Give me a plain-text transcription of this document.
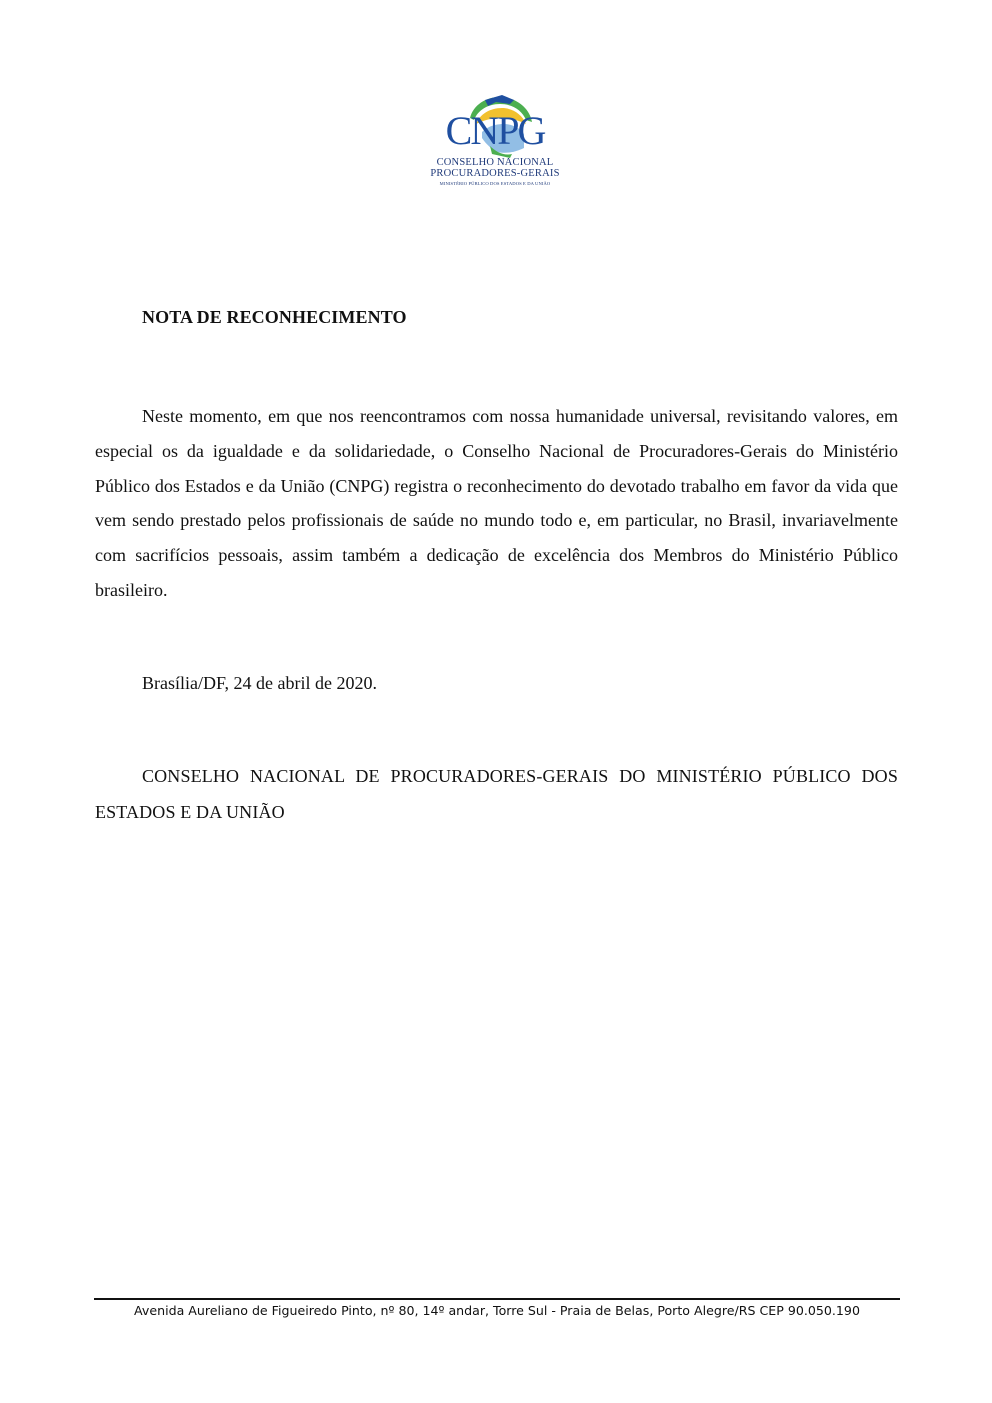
CNPG
CONSELHO NACIONAL
PROCURADORES-GERAIS
MINISTÉRIO PÚBLICO DOS ESTADOS E DA UNIÃO
NOTA DE RECONHECIMENTO

Neste momento, em que nos reencontramos com nossa humanidade universal, revisitando valores, em especial os da igualdade e da solidariedade, o Conselho Nacional de Procuradores-Gerais do Ministério Público dos Estados e da União (CNPG) registra o reconhecimento do devotado trabalho em favor da vida que vem sendo prestado pelos profissionais de saúde no mundo todo e, em particular, no Brasil, invariavelmente com sacrifícios pessoais, assim também a dedicação de excelência dos Membros do Ministério Público brasileiro.

Brasília/DF, 24 de abril de 2020.

CONSELHO NACIONAL DE PROCURADORES-GERAIS DO MINISTÉRIO PÚBLICO DOS ESTADOS E DA UNIÃO

Avenida Aureliano de Figueiredo Pinto, nº 80, 14º andar, Torre Sul - Praia de Belas, Porto Alegre/RS CEP 90.050.190
